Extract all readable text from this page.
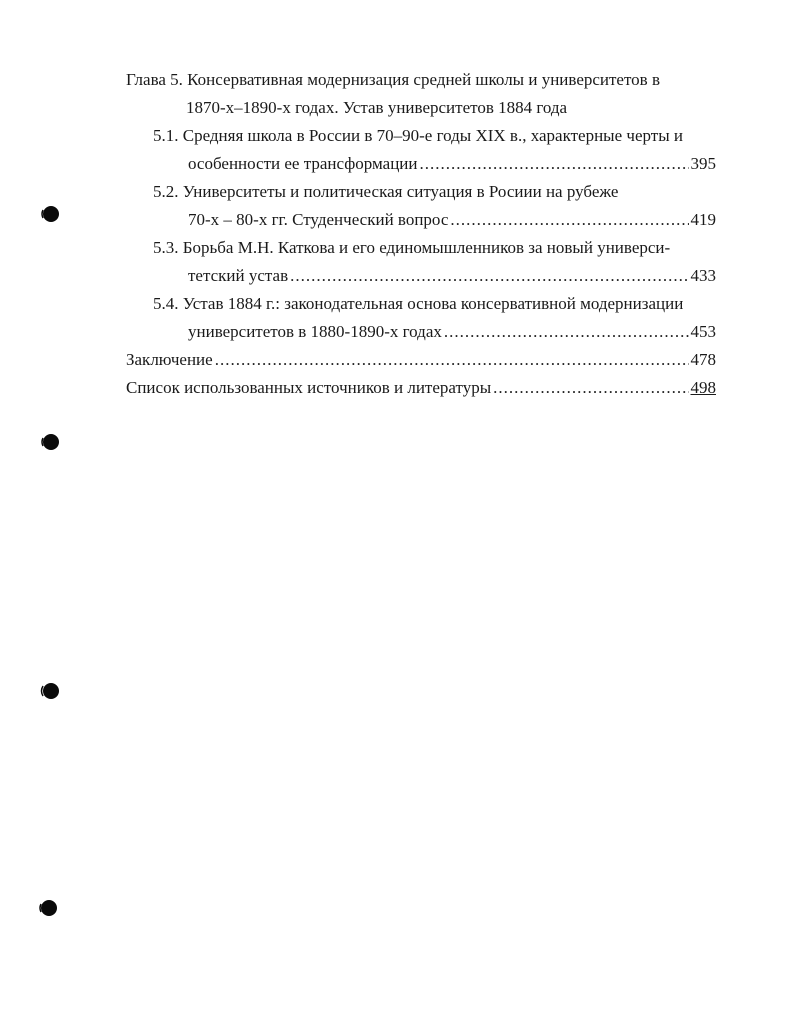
Глава 5. Консервативная модернизация средней школы и университетов в
1870-х–1890-х годах. Устав университетов 1884 года
5.1. Средняя школа в России в 70–90-е годы XIX в., характерные черты и
особенности ее трансформации .....	395
5.2. Университеты и политическая ситуация в Росиии на рубеже
70-х – 80-х гг. Студенческий вопрос .....	419
5.3. Борьба М.Н. Каткова и его единомышленников за новый универси-
тетский устав .....	433
5.4. Устав 1884 г.: законодательная основа консервативной модернизации
университетов в 1880-1890-х годах .....	453
Заключение .....	478
Список использованных источников и литературы .....	498
